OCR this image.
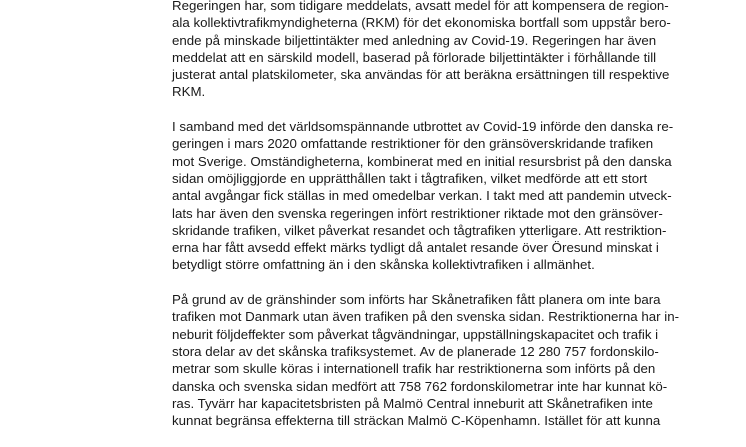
Regeringen har, som tidigare meddelats, avsatt medel för att kompensera de region-
ala kollektivtrafikmyndigheterna (RKM) för det ekonomiska bortfall som uppstår bero-
ende på minskade biljettintäkter med anledning av Covid-19. Regeringen har även
meddelat att en särskild modell, baserad på förlorade biljettintäkter i förhållande till
justerat antal platskilometer, ska användas för att beräkna ersättningen till respektive
RKM.

I samband med det världsomspännande utbrottet av Covid-19 införde den danska re-
geringen i mars 2020 omfattande restriktioner för den gränsöverskridande trafiken
mot Sverige. Omständigheterna, kombinerat med en initial resursbrist på den danska
sidan omöjliggjorde en upprätthållen takt i tågtrafiken, vilket medförde att ett stort
antal avgångar fick ställas in med omedelbar verkan. I takt med att pandemin utveck-
lats har även den svenska regeringen infört restriktioner riktade mot den gränsöver-
skridande trafiken, vilket påverkat resandet och tågtrafiken ytterligare. Att restriktion-
erna har fått avsedd effekt märks tydligt då antalet resande över Öresund minskat i
betydligt större omfattning än i den skånska kollektivtrafiken i allmänhet.

På grund av de gränshinder som införts har Skånetrafiken fått planera om inte bara
trafiken mot Danmark utan även trafiken på den svenska sidan. Restriktionerna har in-
neburit följdeffekter som påverkat tågvändningar, uppställningskapacitet och trafik i
stora delar av det skånska trafiksystemet. Av de planerade 12 280 757 fordonskilo-
metrar som skulle köras i internationell trafik har restriktionerna som införts på den
danska och svenska sidan medfört att 758 762 fordonskilometrar inte har kunnat kö-
ras. Tyvärr har kapacitetsbristen på Malmö Central inneburit att Skånetrafiken inte
kunnat begränsa effekterna till sträckan Malmö C-Köpenhamn. Istället för att kunna
